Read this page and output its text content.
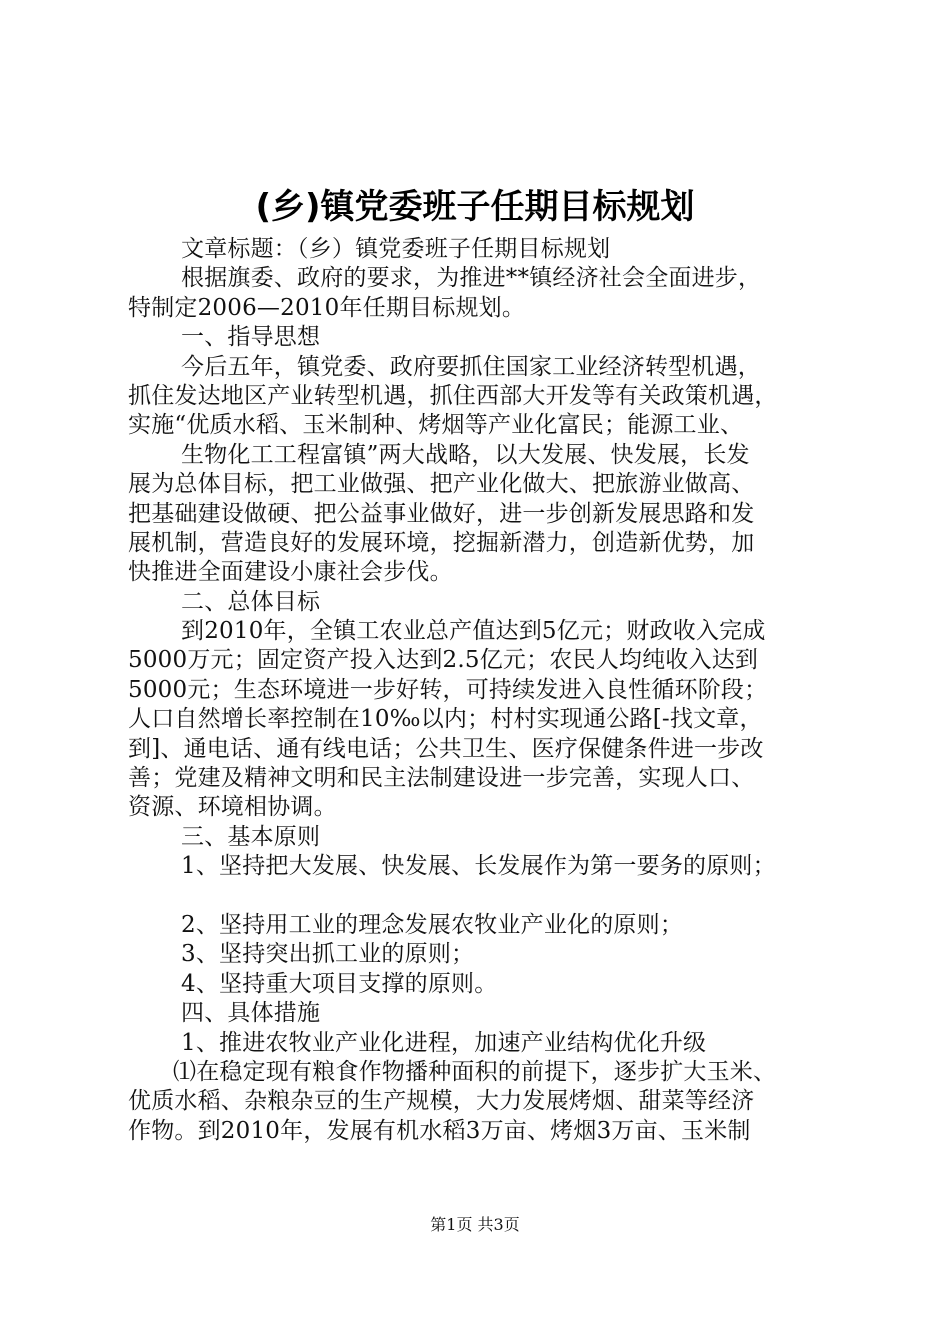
(乡)镇党委班子任期目标规划
文章标题：（乡）镇党委班子任期目标规划
根据旗委、政府的要求，为推进**镇经济社会全面进步，
特制定2006—2010年任期目标规划。
一、指导思想
今后五年，镇党委、政府要抓住国家工业经济转型机遇，
抓住发达地区产业转型机遇，抓住西部大开发等有关政策机遇，
实施“优质水稻、玉米制种、烤烟等产业化富民；能源工业、
生物化工工程富镇”两大战略，以大发展、快发展，长发
展为总体目标，把工业做强、把产业化做大、把旅游业做高、
把基础建设做硬、把公益事业做好，进一步创新发展思路和发
展机制，营造良好的发展环境，挖掘新潜力，创造新优势，加
快推进全面建设小康社会步伐。
二、总体目标
到2010年，全镇工农业总产值达到5亿元；财政收入完成
5000万元；固定资产投入达到2.5亿元；农民人均纯收入达到
5000元；生态环境进一步好转，可持续发进入良性循环阶段；
人口自然增长率控制在10‰以内；村村实现通公路[-找文章，
到]、通电话、通有线电话；公共卫生、医疗保健条件进一步改
善；党建及精神文明和民主法制建设进一步完善，实现人口、
资源、环境相协调。
三、基本原则
1、坚持把大发展、快发展、长发展作为第一要务的原则；
2、坚持用工业的理念发展农牧业产业化的原则；
3、坚持突出抓工业的原则；
4、坚持重大项目支撑的原则。
四、具体措施
1、推进农牧业产业化进程，加速产业结构优化升级
⑴在稳定现有粮食作物播种面积的前提下，逐步扩大玉米、
优质水稻、杂粮杂豆的生产规模，大力发展烤烟、甜菜等经济
作物。到2010年，发展有机水稻3万亩、烤烟3万亩、玉米制
第1页 共3页
